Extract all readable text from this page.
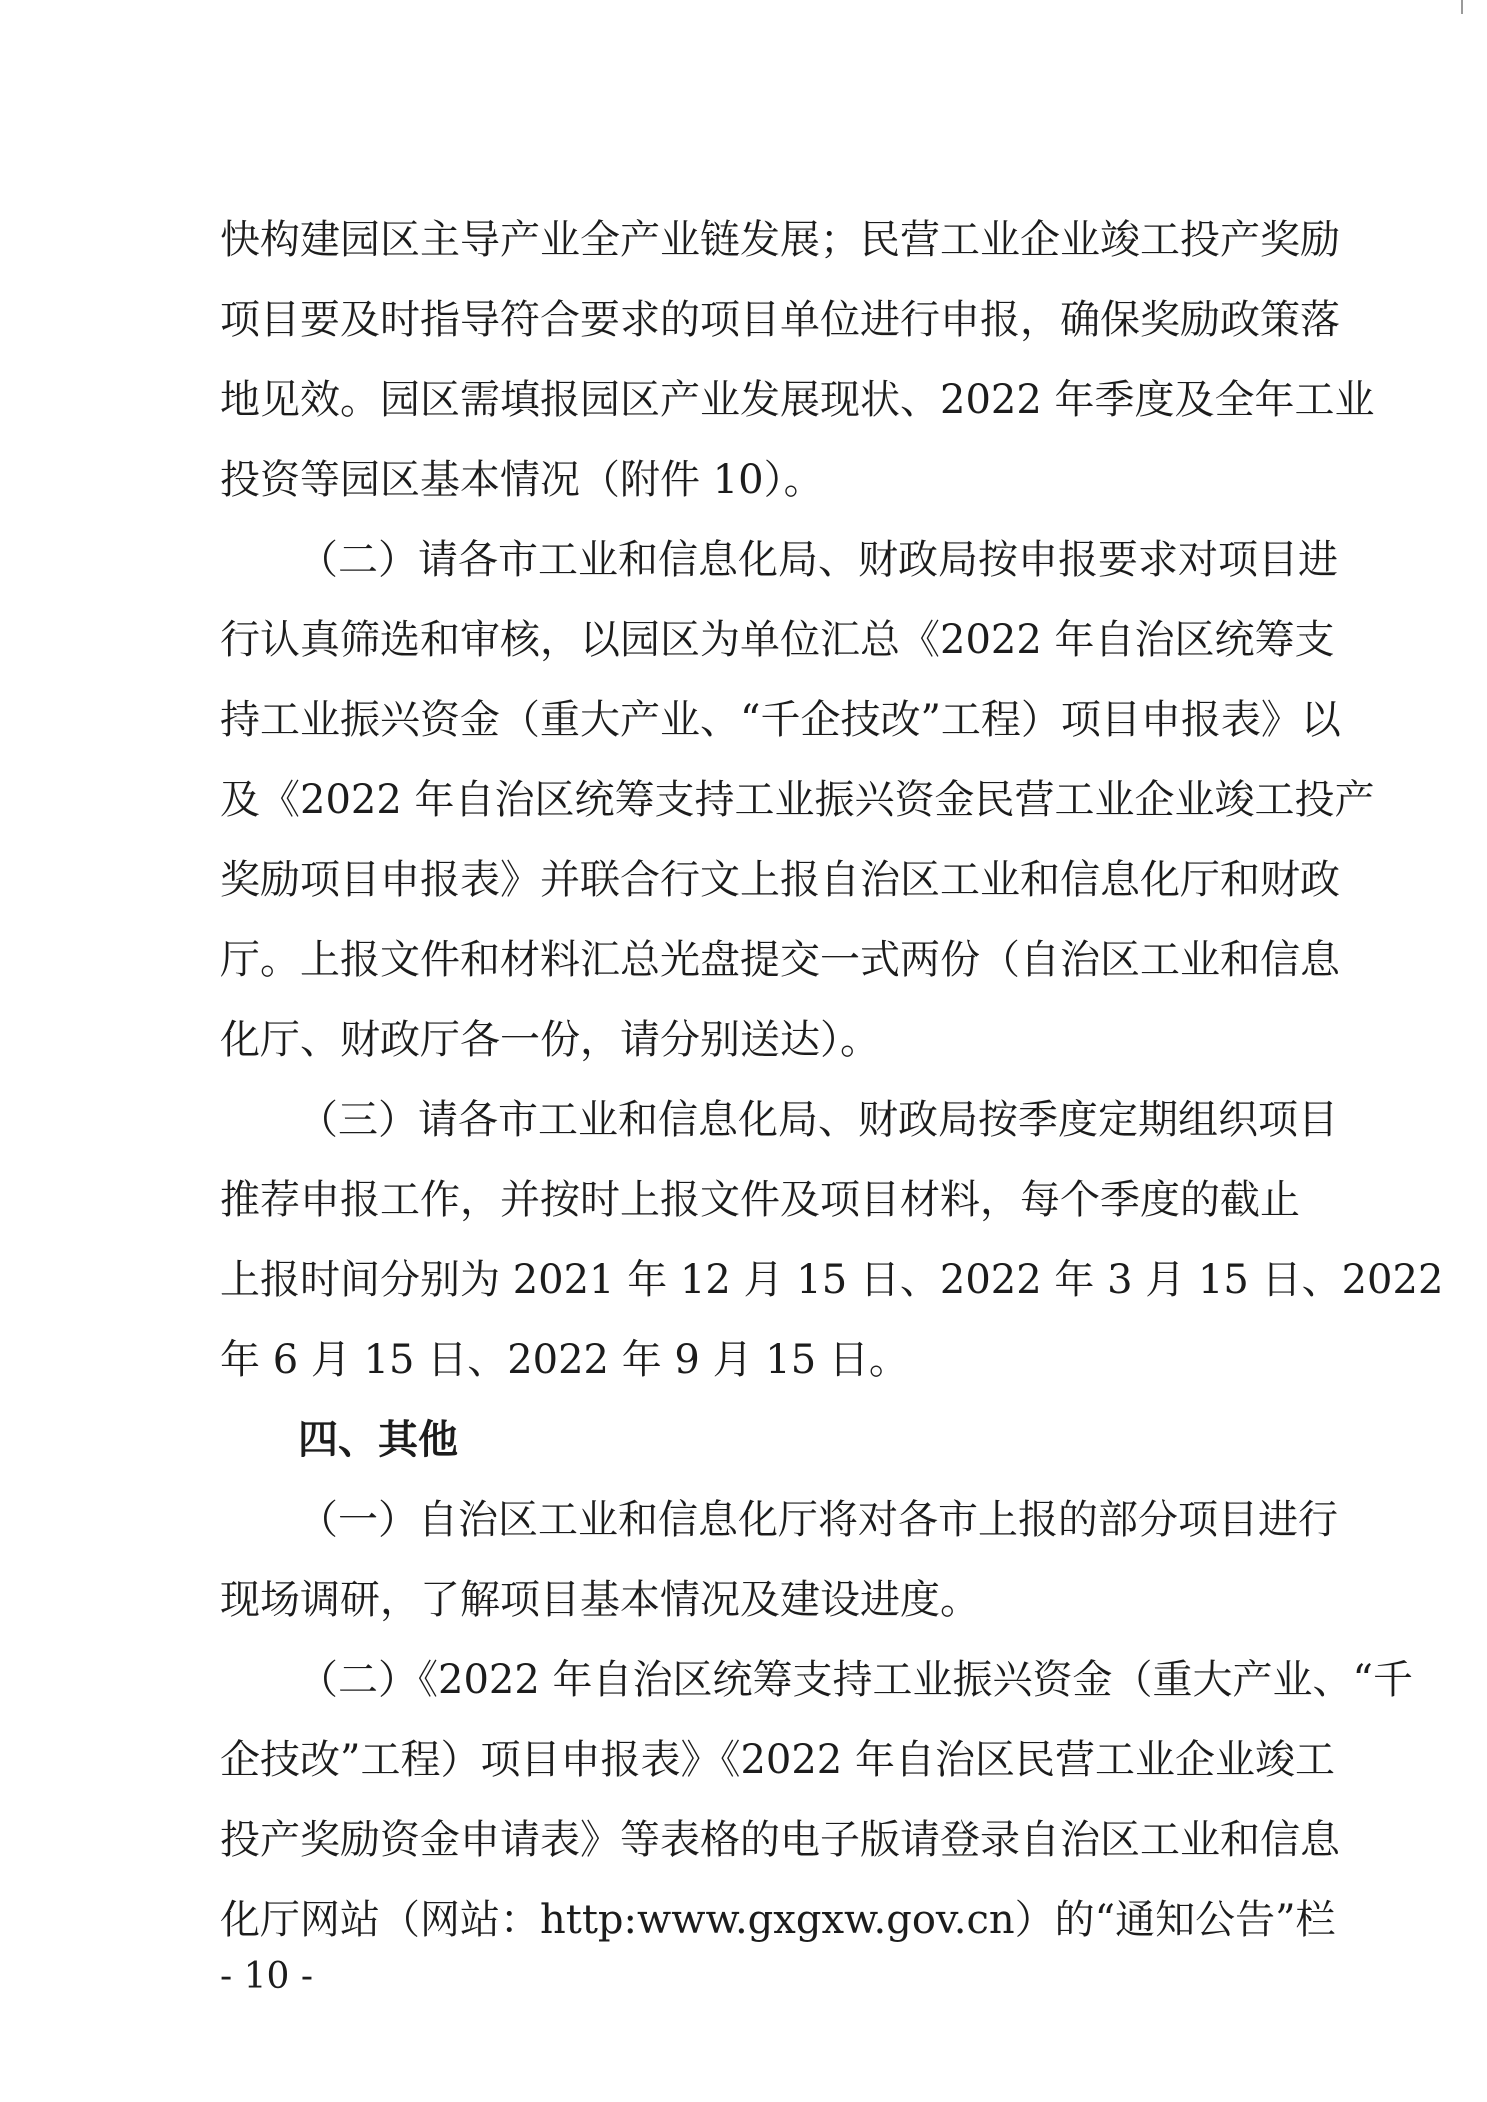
快构建园区主导产业全产业链发展；民营工业企业竣工投产奖励
项目要及时指导符合要求的项目单位进行申报，确保奖励政策落
地见效。园区需填报园区产业发展现状、2022 年季度及全年工业
投资等园区基本情况（附件 10）。
（二）请各市工业和信息化局、财政局按申报要求对项目进
行认真筛选和审核，以园区为单位汇总《2022 年自治区统筹支
持工业振兴资金（重大产业、“千企技改”工程）项目申报表》以
及《2022 年自治区统筹支持工业振兴资金民营工业企业竣工投产
奖励项目申报表》并联合行文上报自治区工业和信息化厅和财政
厅。上报文件和材料汇总光盘提交一式两份（自治区工业和信息
化厅、财政厅各一份，请分别送达）。
（三）请各市工业和信息化局、财政局按季度定期组织项目
推荐申报工作，并按时上报文件及项目材料，每个季度的截止
上报时间分别为 2021 年 12 月 15 日、2022 年 3 月 15 日、2022
年 6 月 15 日、2022 年 9 月 15 日。
四、其他
（一）自治区工业和信息化厅将对各市上报的部分项目进行
现场调研，了解项目基本情况及建设进度。
（二）《2022 年自治区统筹支持工业振兴资金（重大产业、“千
企技改”工程）项目申报表》《2022 年自治区民营工业企业竣工
投产奖励资金申请表》等表格的电子版请登录自治区工业和信息
化厅网站（网站：http:www.gxgxw.gov.cn）的“通知公告”栏
- 10 -
